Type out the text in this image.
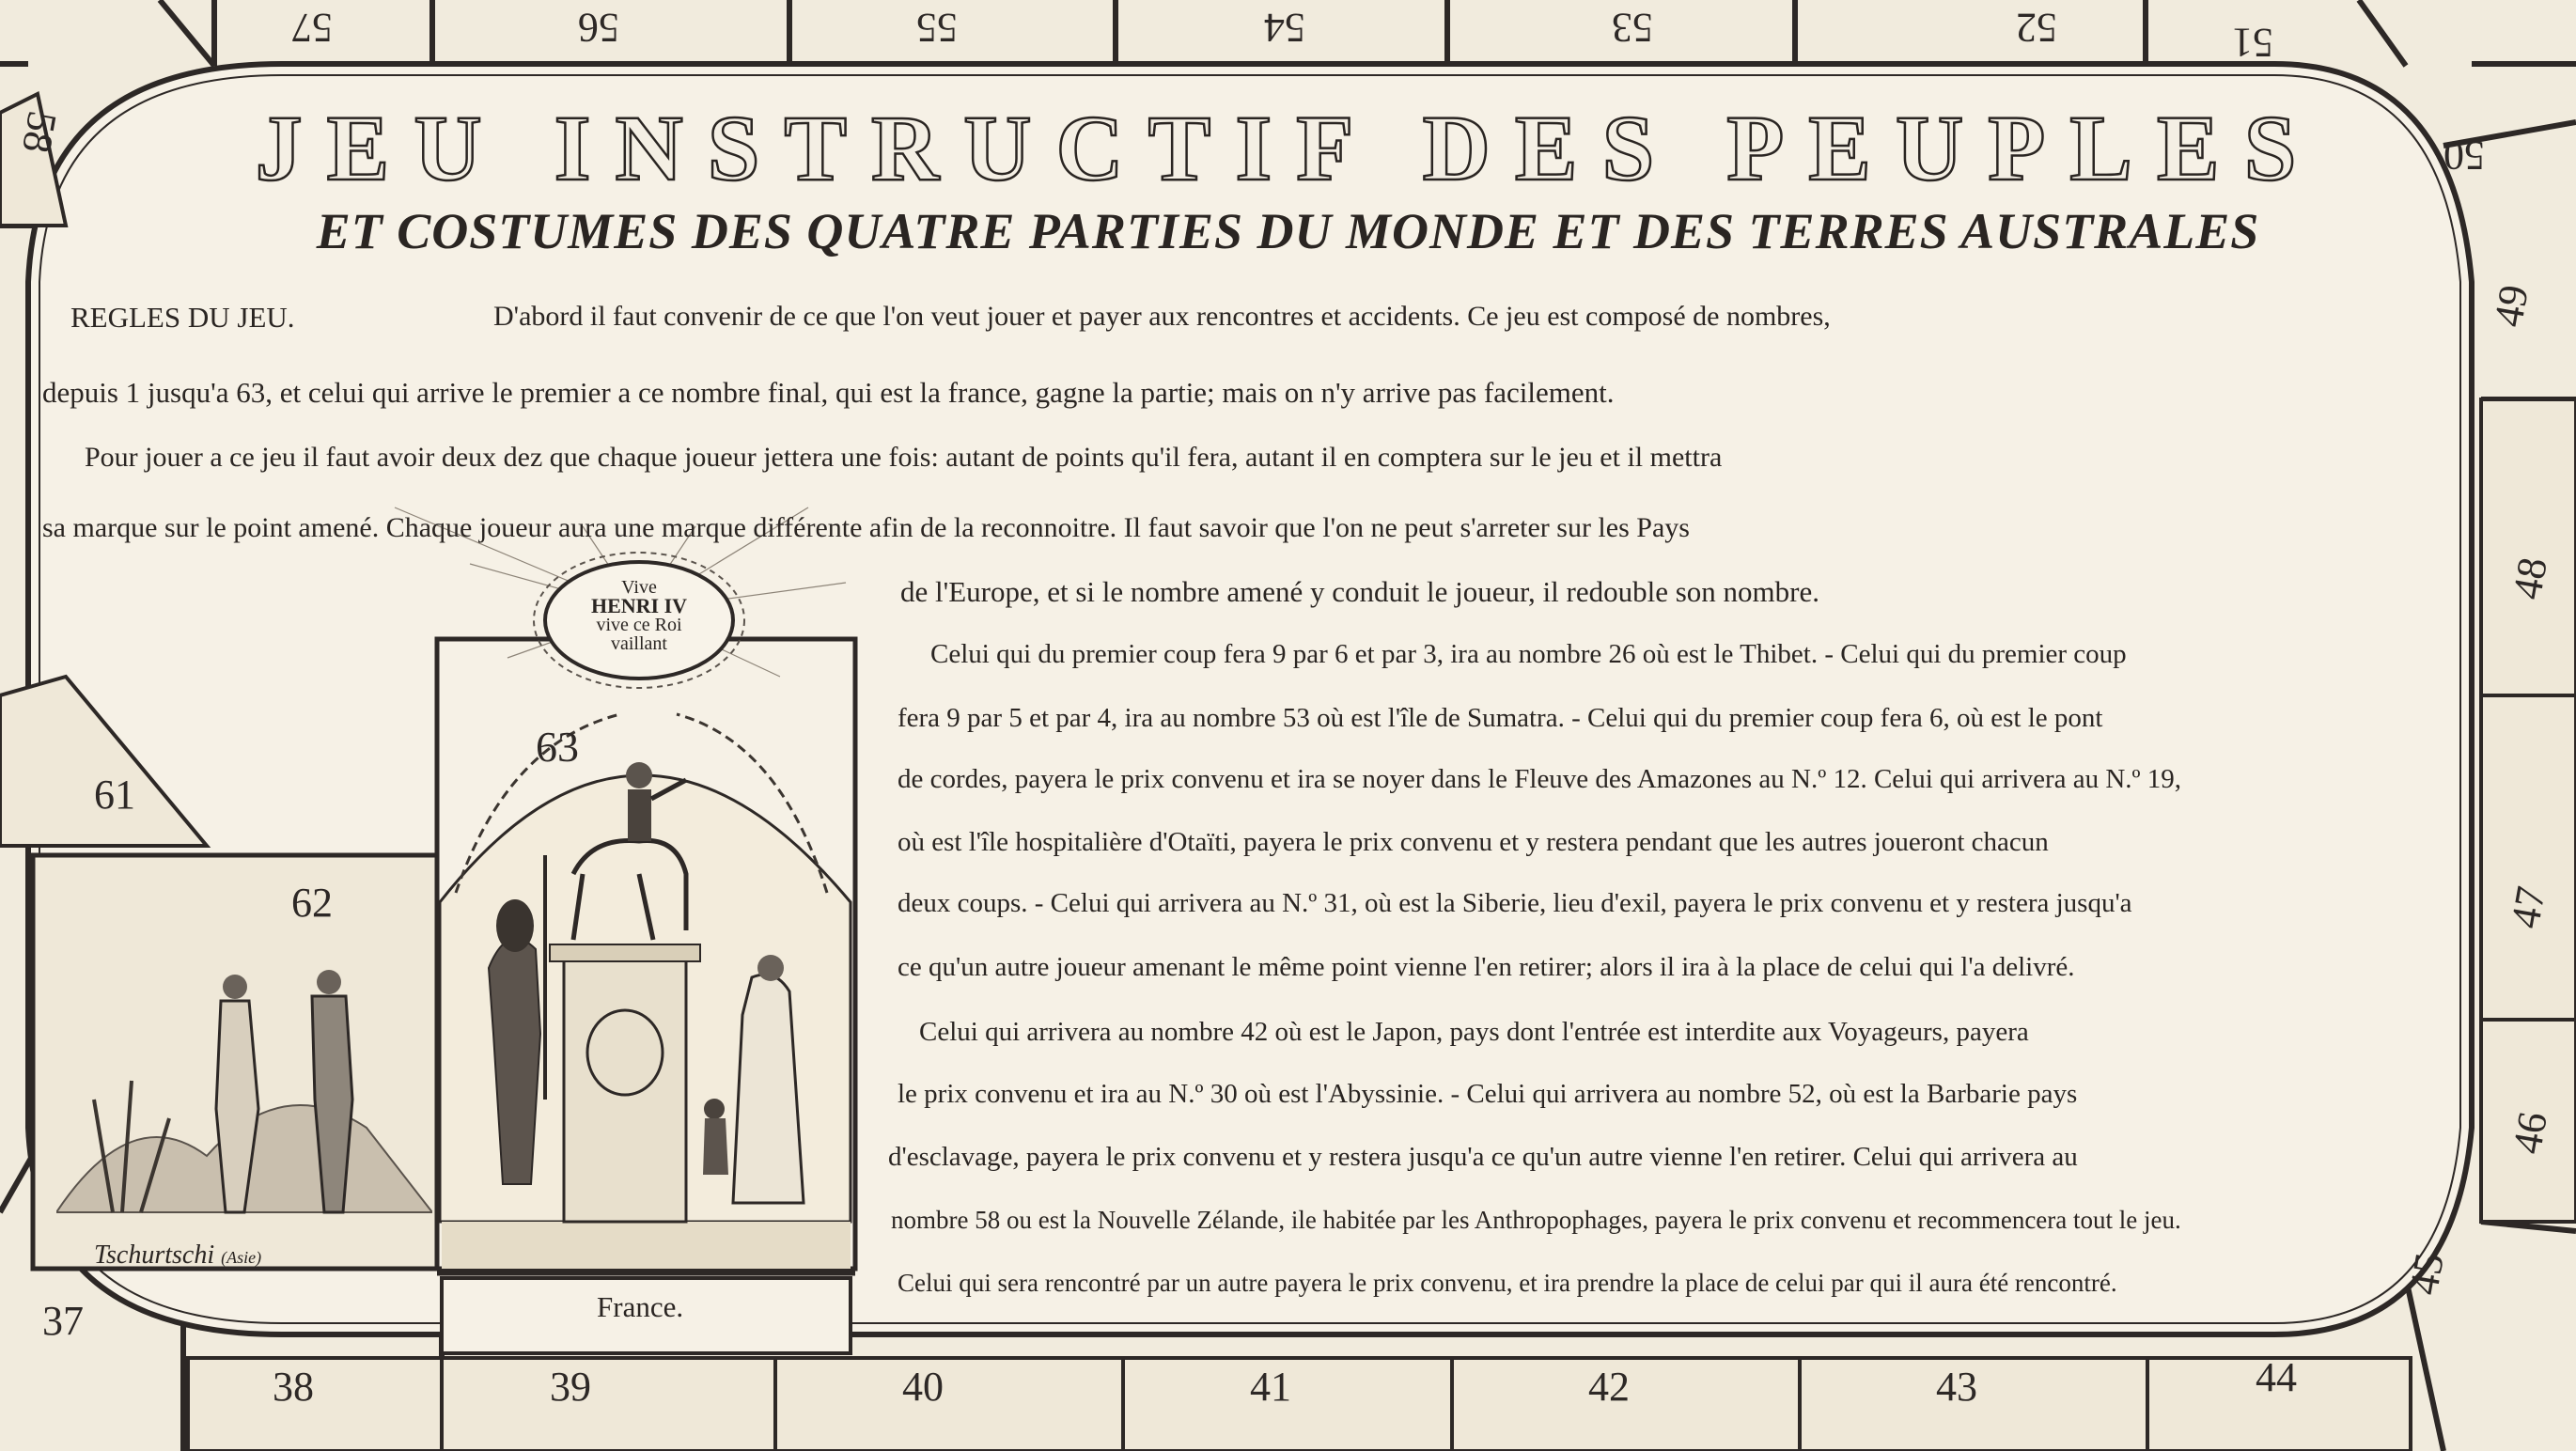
57	56	55	54	53	52	51
50
49
48
47
46
58
61
37
38	39	40	41	42	43	44
45
JEU INSTRUCTIF DES PEUPLES
ET COSTUMES DES QUATRE PARTIES DU MONDE ET DES TERRES AUSTRALES
REGLES DU JEU.	D'abord il faut convenir de ce que l'on veut jouer et payer aux rencontres et accidents. Ce jeu est composé de nombres,
depuis 1 jusqu'a 63, et celui qui arrive le premier a ce nombre final, qui est la france, gagne la partie; mais on n'y arrive pas facilement.
Pour jouer a ce jeu il faut avoir deux dez que chaque joueur jettera une fois: autant de points qu'il fera, autant il en comptera sur le jeu et il mettra
sa marque sur le point amené. Chaque joueur aura une marque différente afin de la reconnoitre. Il faut savoir que l'on ne peut s'arreter sur les Pays
de l'Europe, et si le nombre amené y conduit le joueur, il redouble son nombre.
Celui qui du premier coup fera 9 par 6 et par 3, ira au nombre 26 où est le Thibet. - Celui qui du premier coup
fera 9 par 5 et par 4, ira au nombre 53 où est l'île de Sumatra. - Celui qui du premier coup fera 6, où est le pont
de cordes, payera le prix convenu et ira se noyer dans le Fleuve des Amazones au N.º 12. Celui qui arrivera au N.º 19,
où est l'île hospitalière d'Otaïti, payera le prix convenu et y restera pendant que les autres joueront chacun
deux coups. - Celui qui arrivera au N.º 31, où est la Siberie, lieu d'exil, payera le prix convenu et y restera jusqu'a
ce qu'un autre joueur amenant le même point vienne l'en retirer; alors il ira à la place de celui qui l'a delivré.
Celui qui arrivera au nombre 42 où est le Japon, pays dont l'entrée est interdite aux Voyageurs, payera
le prix convenu et ira au N.º 30 où est l'Abyssinie. - Celui qui arrivera au nombre 52, où est la Barbarie pays
d'esclavage, payera le prix convenu et y restera jusqu'a ce qu'un autre vienne l'en retirer. Celui qui arrivera au
nombre 58 ou est la Nouvelle Zélande, ile habitée par les Anthropophages, payera le prix convenu et recommencera tout le jeu.
Celui qui sera rencontré par un autre payera le prix convenu, et ira prendre la place de celui par qui il aura été rencontré.
Vive
HENRI IV
vive ce Roi
vaillant
63
France.
62
Tschurtschi (Asie)
